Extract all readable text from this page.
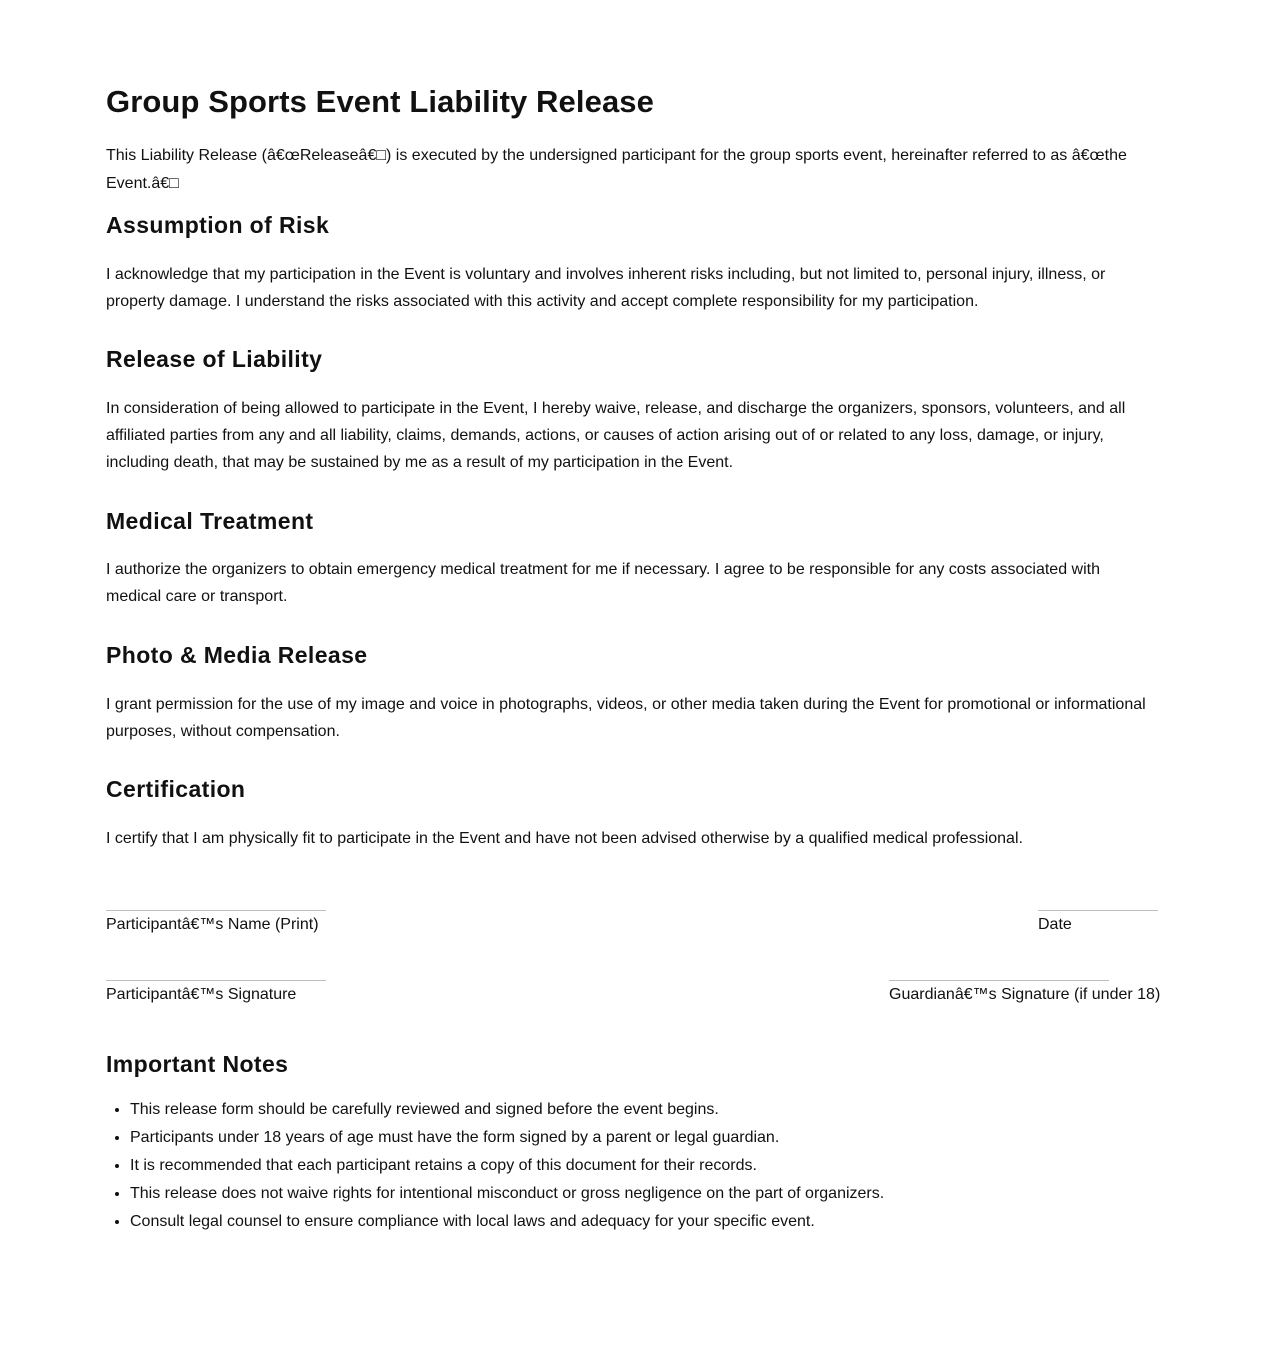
Group Sports Event Liability Release

This Liability Release (â€œReleaseâ€□) is executed by the undersigned participant for the group sports event, hereinafter referred to as â€œthe Event.â€□

Assumption of Risk

I acknowledge that my participation in the Event is voluntary and involves inherent risks including, but not limited to, personal injury, illness, or property damage. I understand the risks associated with this activity and accept complete responsibility for my participation.

Release of Liability

In consideration of being allowed to participate in the Event, I hereby waive, release, and discharge the organizers, sponsors, volunteers, and all affiliated parties from any and all liability, claims, demands, actions, or causes of action arising out of or related to any loss, damage, or injury, including death, that may be sustained by me as a result of my participation in the Event.

Medical Treatment

I authorize the organizers to obtain emergency medical treatment for me if necessary. I agree to be responsible for any costs associated with medical care or transport.

Photo & Media Release

I grant permission for the use of my image and voice in photographs, videos, or other media taken during the Event for promotional or informational purposes, without compensation.

Certification

I certify that I am physically fit to participate in the Event and have not been advised otherwise by a qualified medical professional.

Participantâ€™s Name (Print)	Date
Participantâ€™s Signature	Guardianâ€™s Signature (if under 18)
Important Notes
• This release form should be carefully reviewed and signed before the event begins.
• Participants under 18 years of age must have the form signed by a parent or legal guardian.
• It is recommended that each participant retains a copy of this document for their records.
• This release does not waive rights for intentional misconduct or gross negligence on the part of organizers.
• Consult legal counsel to ensure compliance with local laws and adequacy for your specific event.
